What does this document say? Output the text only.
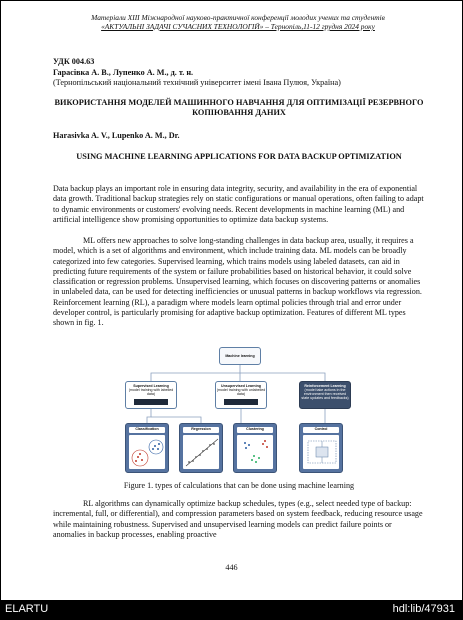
Матеріали XIII Міжнародної науково-практичної конференції молодих учених та студентів
«АКТУАЛЬНІ ЗАДАЧІ СУЧАСНИХ ТЕХНОЛОГІЙ» – Тернопіль,11-12 грудня 2024 року
УДК 004.63
Гарасівка А. В., Лупенко А. М., д. т. н.
(Тернопільський національний технічний університет імені Івана Пулюя, Україна)
ВИКОРИСТАННЯ МОДЕЛЕЙ МАШИННОГО НАВЧАННЯ ДЛЯ ОПТИМІЗАЦІЇ РЕЗЕРВНОГО КОПІЮВАННЯ ДАНИХ
Harasivka A. V., Lupenko A. M., Dr.
USING MACHINE LEARNING APPLICATIONS FOR DATA BACKUP OPTIMIZATION

Data backup plays an important role in ensuring data integrity, security, and availability in the era of exponential data growth. Traditional backup strategies rely on static configurations or manual operations, often failing to adapt to dynamic environments or customers' evolving needs. Recent developments in machine learning (ML) and artificial intelligence show promising opportunities to optimize data backup systems.

ML offers new approaches to solve long-standing challenges in data backup area, usually, it requires a model, which is a set of algorithms and environment, which include training data. ML models can be broadly categorized into few categories. Supervised learning, which trains models using labeled datasets, can aid in predicting future requirements of the system or failure probabilities based on historical behavior, it could solve classification or regression problems. Unsupervised learning, which focuses on discovering patterns or anomalies in unlabeled data, can be used for detecting inefficiencies or unusual patterns in backup workflows via regression. Reinforcement learning (RL), a paradigm where models learn optimal policies through trial and error under developer control, is particularly promising for adaptive backup optimization. Features of different ML types shown in fig. 1.

Machine learning
Supervised Learning
(model training with labelled data)
Unsupervised Learning
(model training with unlabelled data)
Reinforcement Learning
(model take actions in the environment then received state updates and feedbacks)
Classification	Regression	Clustering	Control
Figure 1. types of calculations that can be done using machine learning

RL algorithms can dynamically optimize backup schedules, types (e.g., select needed type of backup: incremental, full, or differential), and compression parameters based on system feedback, reducing resource usage while maintaining robustness. Supervised and unsupervised learning models can predict failure points or anomalies in backup processes, enabling proactive

446
ELARTU	hdl:lib/47931
